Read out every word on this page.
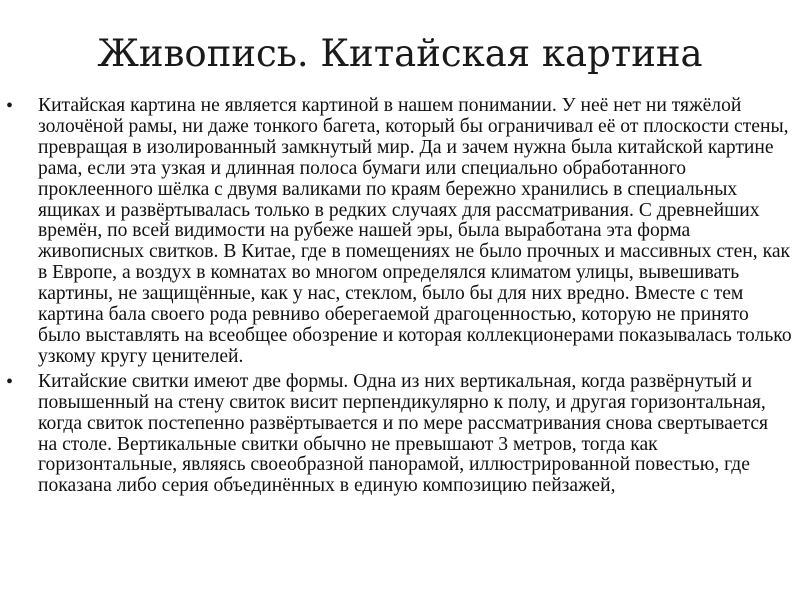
Живопись. Китайская картина
• Китайская картина не является картиной в нашем понимании. У неё нет ни тяжёлой золочёной рамы, ни даже тонкого багета, который бы ограничивал её от плоскости стены, превращая в изолированный замкнутый мир. Да и зачем нужна была китайской картине рама, если эта узкая и длинная полоса бумаги или специально обработанного проклеенного шёлка с двумя валиками по краям бережно хранились в специальных ящиках и развёртывалась только в редких случаях для рассматривания. С древнейших времён, по всей видимости на рубеже нашей эры, была выработана эта форма живописных свитков. В Китае, где в помещениях не было прочных и массивных стен, как в Европе, а воздух в комнатах во многом определялся климатом улицы, вывешивать картины, не защищённые, как у нас, стеклом, было бы для них вредно. Вместе с тем картина бала своего рода ревниво оберегаемой драгоценностью, которую не принято было выставлять на всеобщее обозрение и которая коллекционерами показывалась только узкому кругу ценителей.
• Китайские свитки имеют две формы. Одна из них вертикальная, когда развёрнутый и повышенный на стену свиток висит перпендикулярно к полу, и другая горизонтальная, когда свиток постепенно развёртывается и по мере рассматривания снова свертывается на столе. Вертикальные свитки обычно не превышают 3 метров, тогда как горизонтальные, являясь своеобразной панорамой, иллюстрированной повестью, где показана либо серия объединённых в единую композицию пейзажей,
